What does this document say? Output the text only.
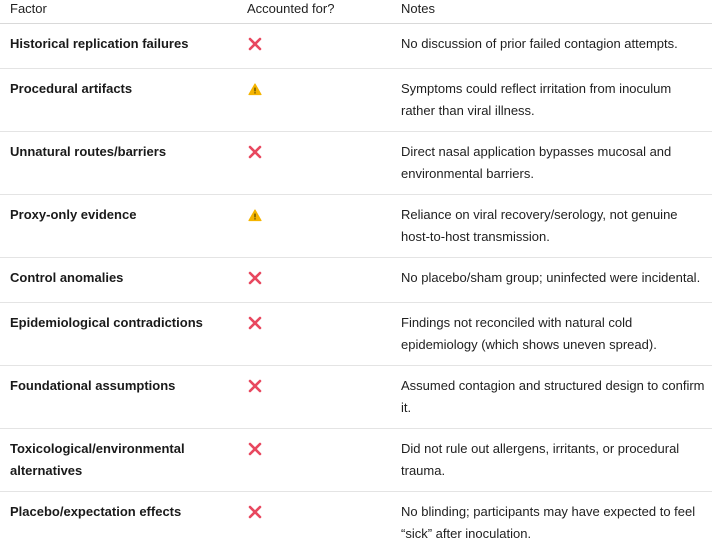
Factor	Accounted for?	Notes
Historical replication failures		No discussion of prior failed contagion attempts.
Procedural artifacts		Symptoms could reflect irritation from inoculum rather than viral illness.
Unnatural routes/barriers		Direct nasal application bypasses mucosal and environmental barriers.
Proxy-only evidence		Reliance on viral recovery/serology, not genuine host-to-host transmission.
Control anomalies		No placebo/sham group; uninfected were incidental.
Epidemiological contradictions		Findings not reconciled with natural cold epidemiology (which shows uneven spread).
Foundational assumptions		Assumed contagion and structured design to confirm it.
Toxicological/environmental alternatives		Did not rule out allergens, irritants, or procedural trauma.
Placebo/expectation effects		No blinding; participants may have expected to feel “sick” after inoculation.
